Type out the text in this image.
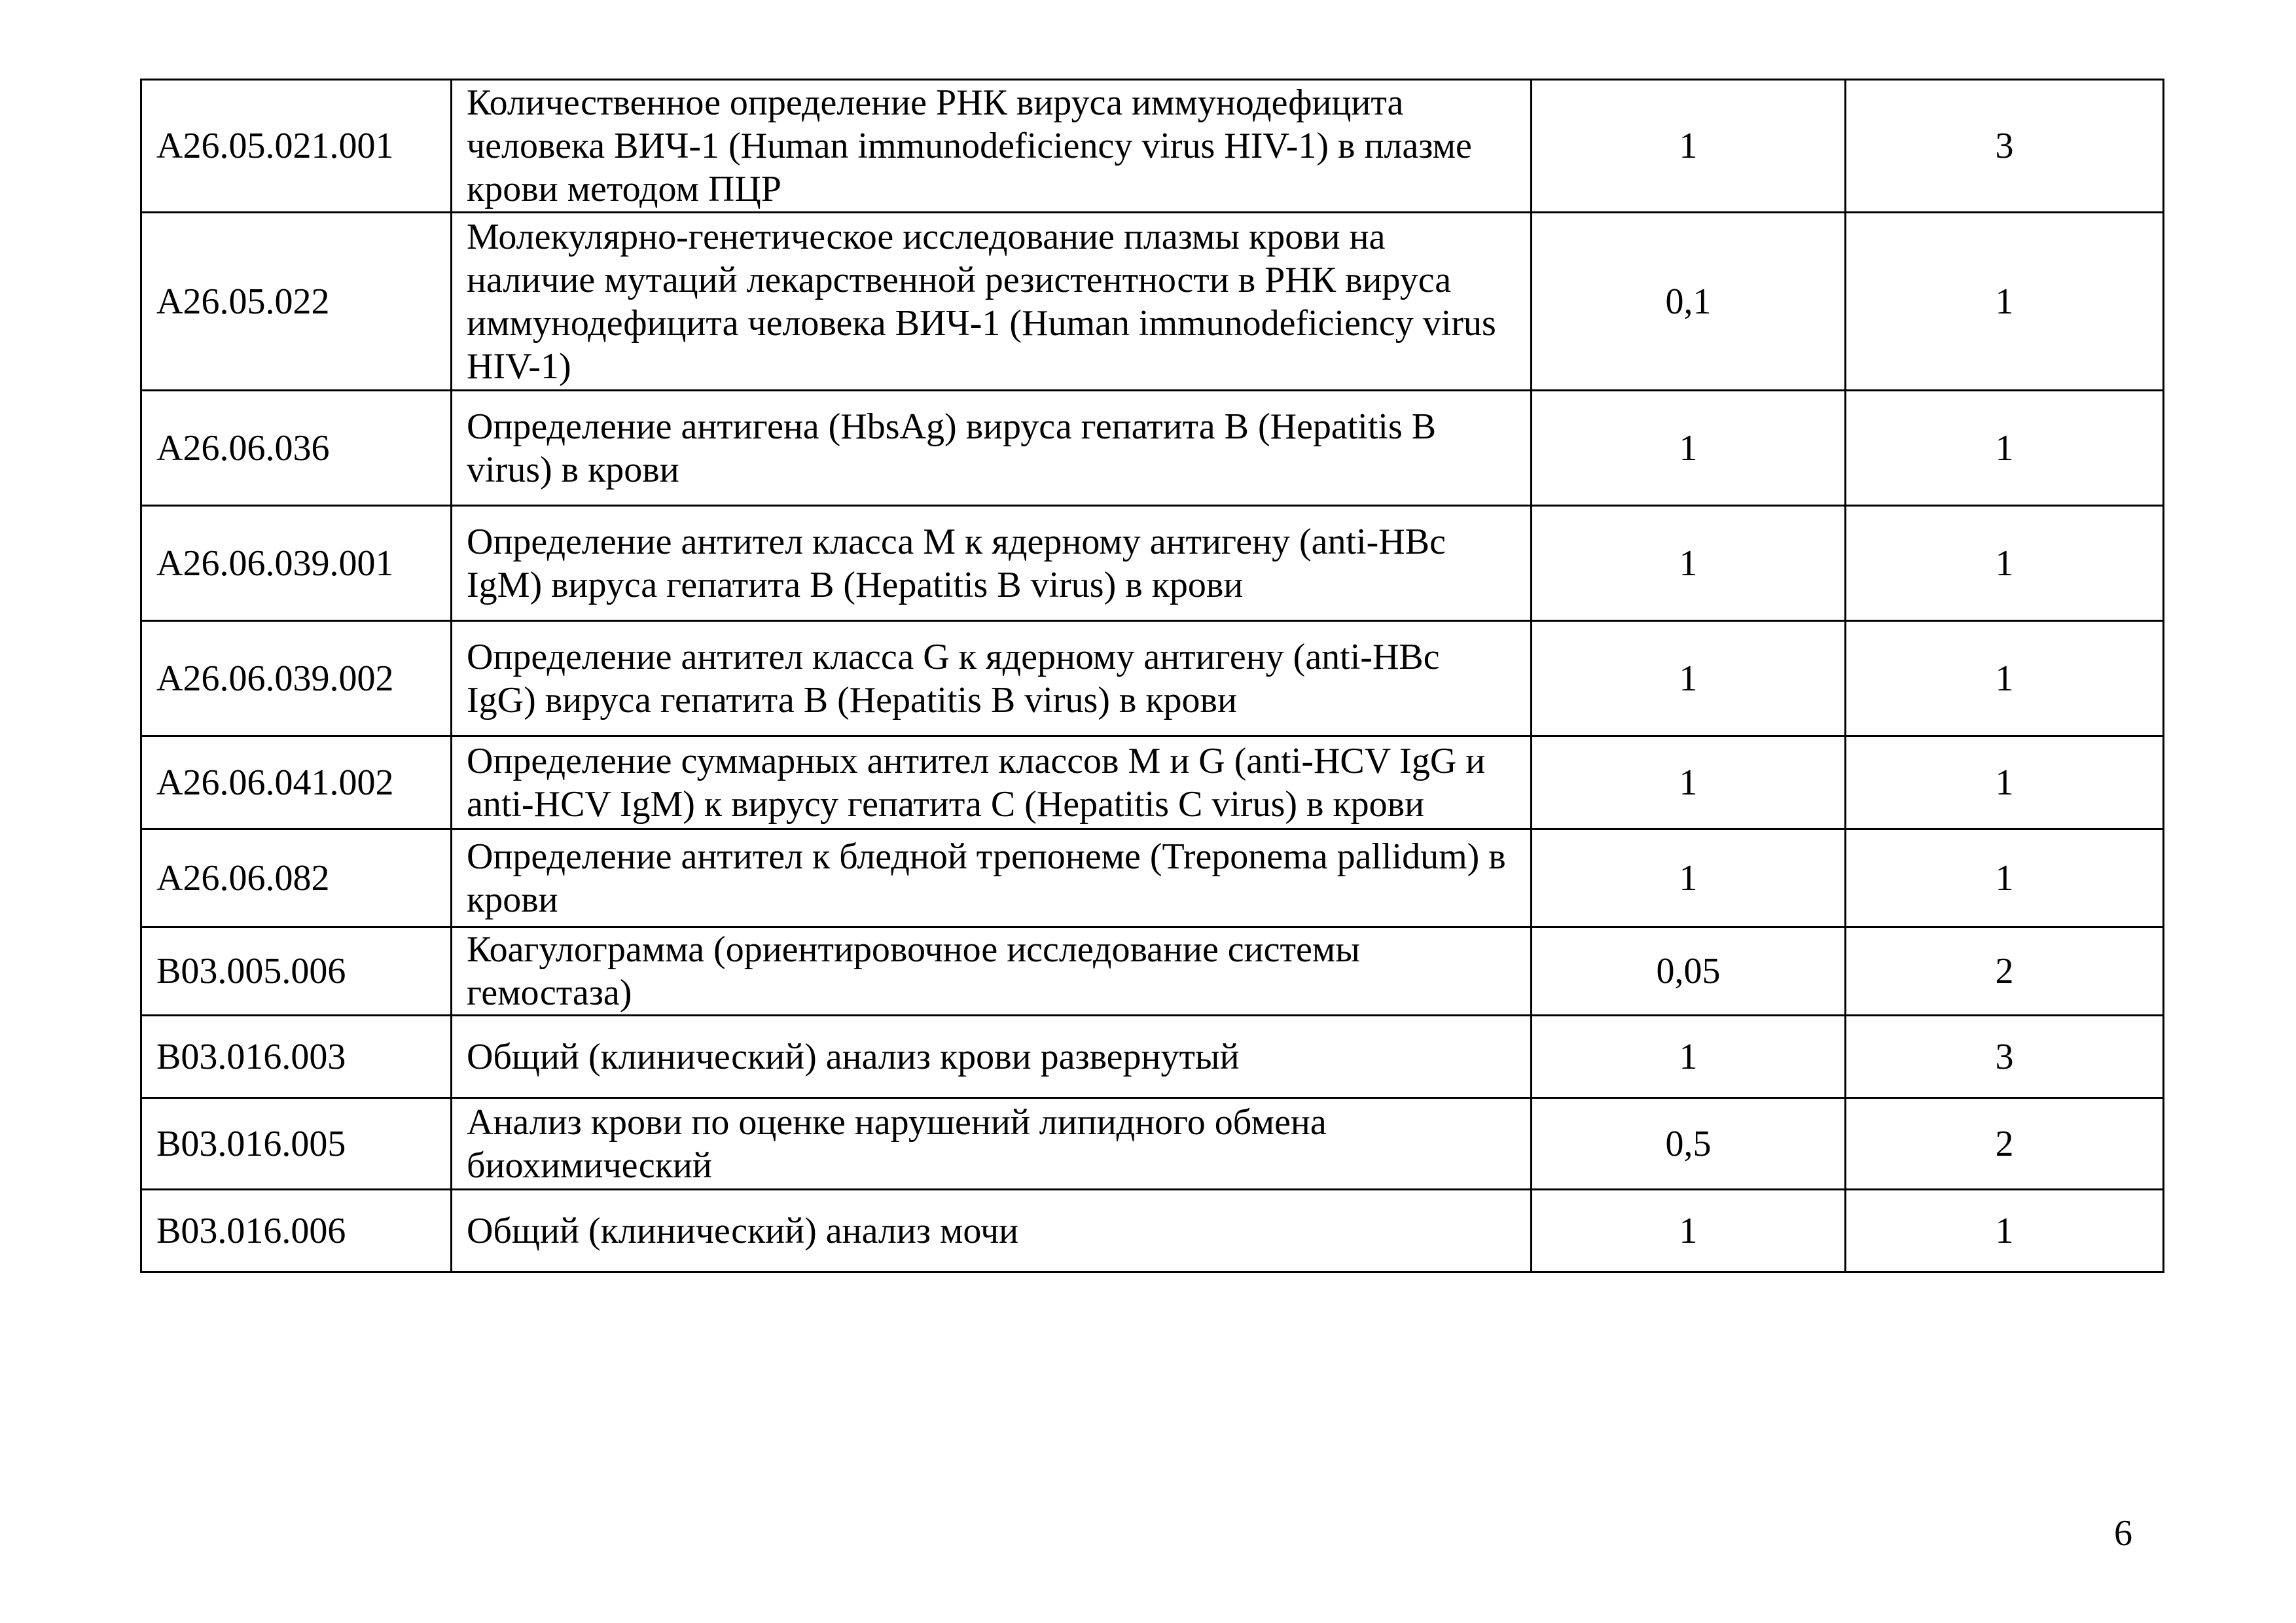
А26.05.021.001	Количественное определение РНК вируса иммунодефицита человека ВИЧ-1 (Human immunodeficiency virus HIV-1) в плазме крови методом ПЦР	1	3
А26.05.022	Молекулярно-генетическое исследование плазмы крови на наличие мутаций лекарственной резистентности в РНК вируса иммунодефицита человека ВИЧ-1 (Human immunodeficiency virus HIV-1)	0,1	1
А26.06.036	Определение антигена (HbsAg) вируса гепатита B (Hepatitis B virus) в крови	1	1
А26.06.039.001	Определение антител класса M к ядерному антигену (anti-HBc IgM) вируса гепатита B (Hepatitis B virus) в крови	1	1
А26.06.039.002	Определение антител класса G к ядерному антигену (anti-HBc IgG) вируса гепатита B (Hepatitis B virus) в крови	1	1
А26.06.041.002	Определение суммарных антител классов M и G (anti-HCV IgG и anti-HCV IgM) к вирусу гепатита C (Hepatitis C virus) в крови	1	1
А26.06.082	Определение антител к бледной трепонеме (Treponema pallidum) в крови	1	1
В03.005.006	Коагулограмма (ориентировочное исследование системы гемостаза)	0,05	2
В03.016.003	Общий (клинический) анализ крови развернутый	1	3
В03.016.005	Анализ крови по оценке нарушений липидного обмена биохимический	0,5	2
В03.016.006	Общий (клинический) анализ мочи	1	1
6
